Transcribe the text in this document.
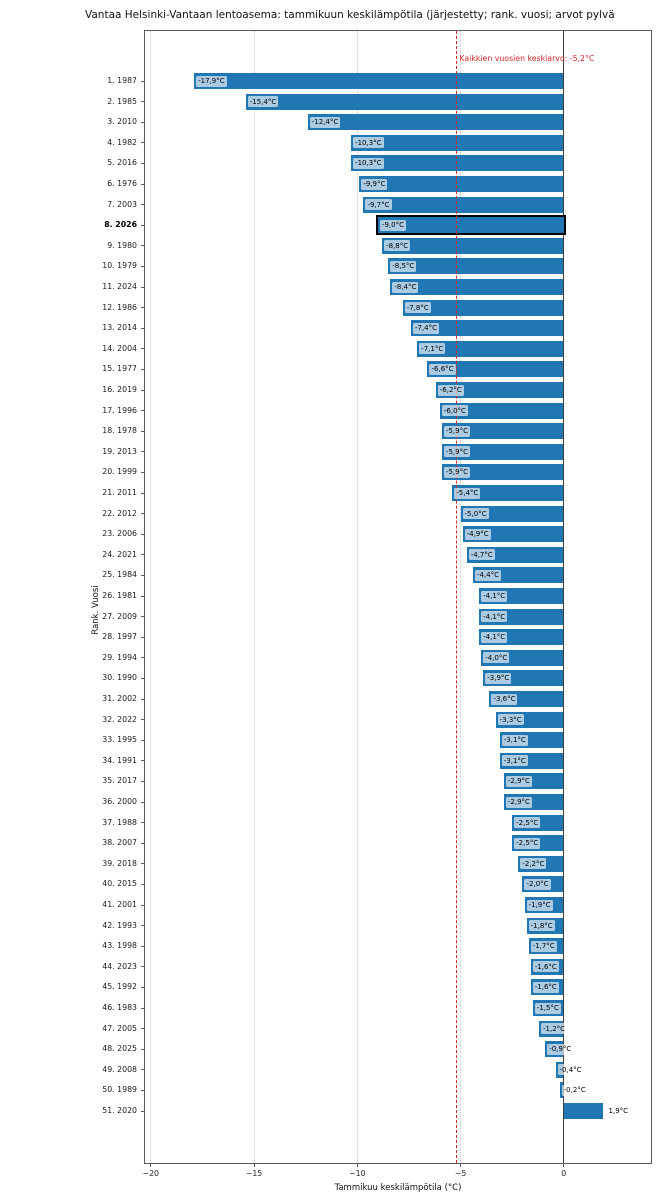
Vantaa Helsinki-Vantaan lentoasema: tammikuun keskilämpötila (järjestetty; rank. vuosi; arvot pylvä
Rank. Vuosi
Kaikkien vuosien keskiarvo: -5,2°C
−20	−15	−10	−5	0
-17,9°C
1. 1987
-15,4°C
2. 1985
-12,4°C
3. 2010
-10,3°C
4. 1982
-10,3°C
5. 2016
-9,9°C
6. 1976
-9,7°C
7. 2003
-9,0°C
8. 2026
-8,8°C
9. 1980
-8,5°C
10. 1979
-8,4°C
11. 2024
-7,8°C
12. 1986
-7,4°C
13. 2014
-7,1°C
14. 2004
-6,6°C
15. 1977
-6,2°C
16. 2019
-6,0°C
17. 1996
-5,9°C
18. 1978
-5,9°C
19. 2013
-5,9°C
20. 1999
-5,4°C
21. 2011
-5,0°C
22. 2012
-4,9°C
23. 2006
-4,7°C
24. 2021
-4,4°C
25. 1984
-4,1°C
26. 1981
-4,1°C
27. 2009
-4,1°C
28. 1997
-4,0°C
29. 1994
-3,9°C
30. 1990
-3,6°C
31. 2002
-3,3°C
32. 2022
-3,1°C
33. 1995
-3,1°C
34. 1991
-2,9°C
35. 2017
-2,9°C
36. 2000
-2,5°C
37. 1988
-2,5°C
38. 2007
-2,2°C
39. 2018
-2,0°C
40. 2015
-1,9°C
41. 2001
-1,8°C
42. 1993
-1,7°C
43. 1998
-1,6°C
44. 2023
-1,6°C
45. 1992
-1,5°C
46. 1983
-1,2°C
47. 2005
-0,9°C
48. 2025
-0,4°C
49. 2008
-0,2°C
50. 1989
1,9°C
51. 2020
Tammikuu keskilämpötila (°C)
